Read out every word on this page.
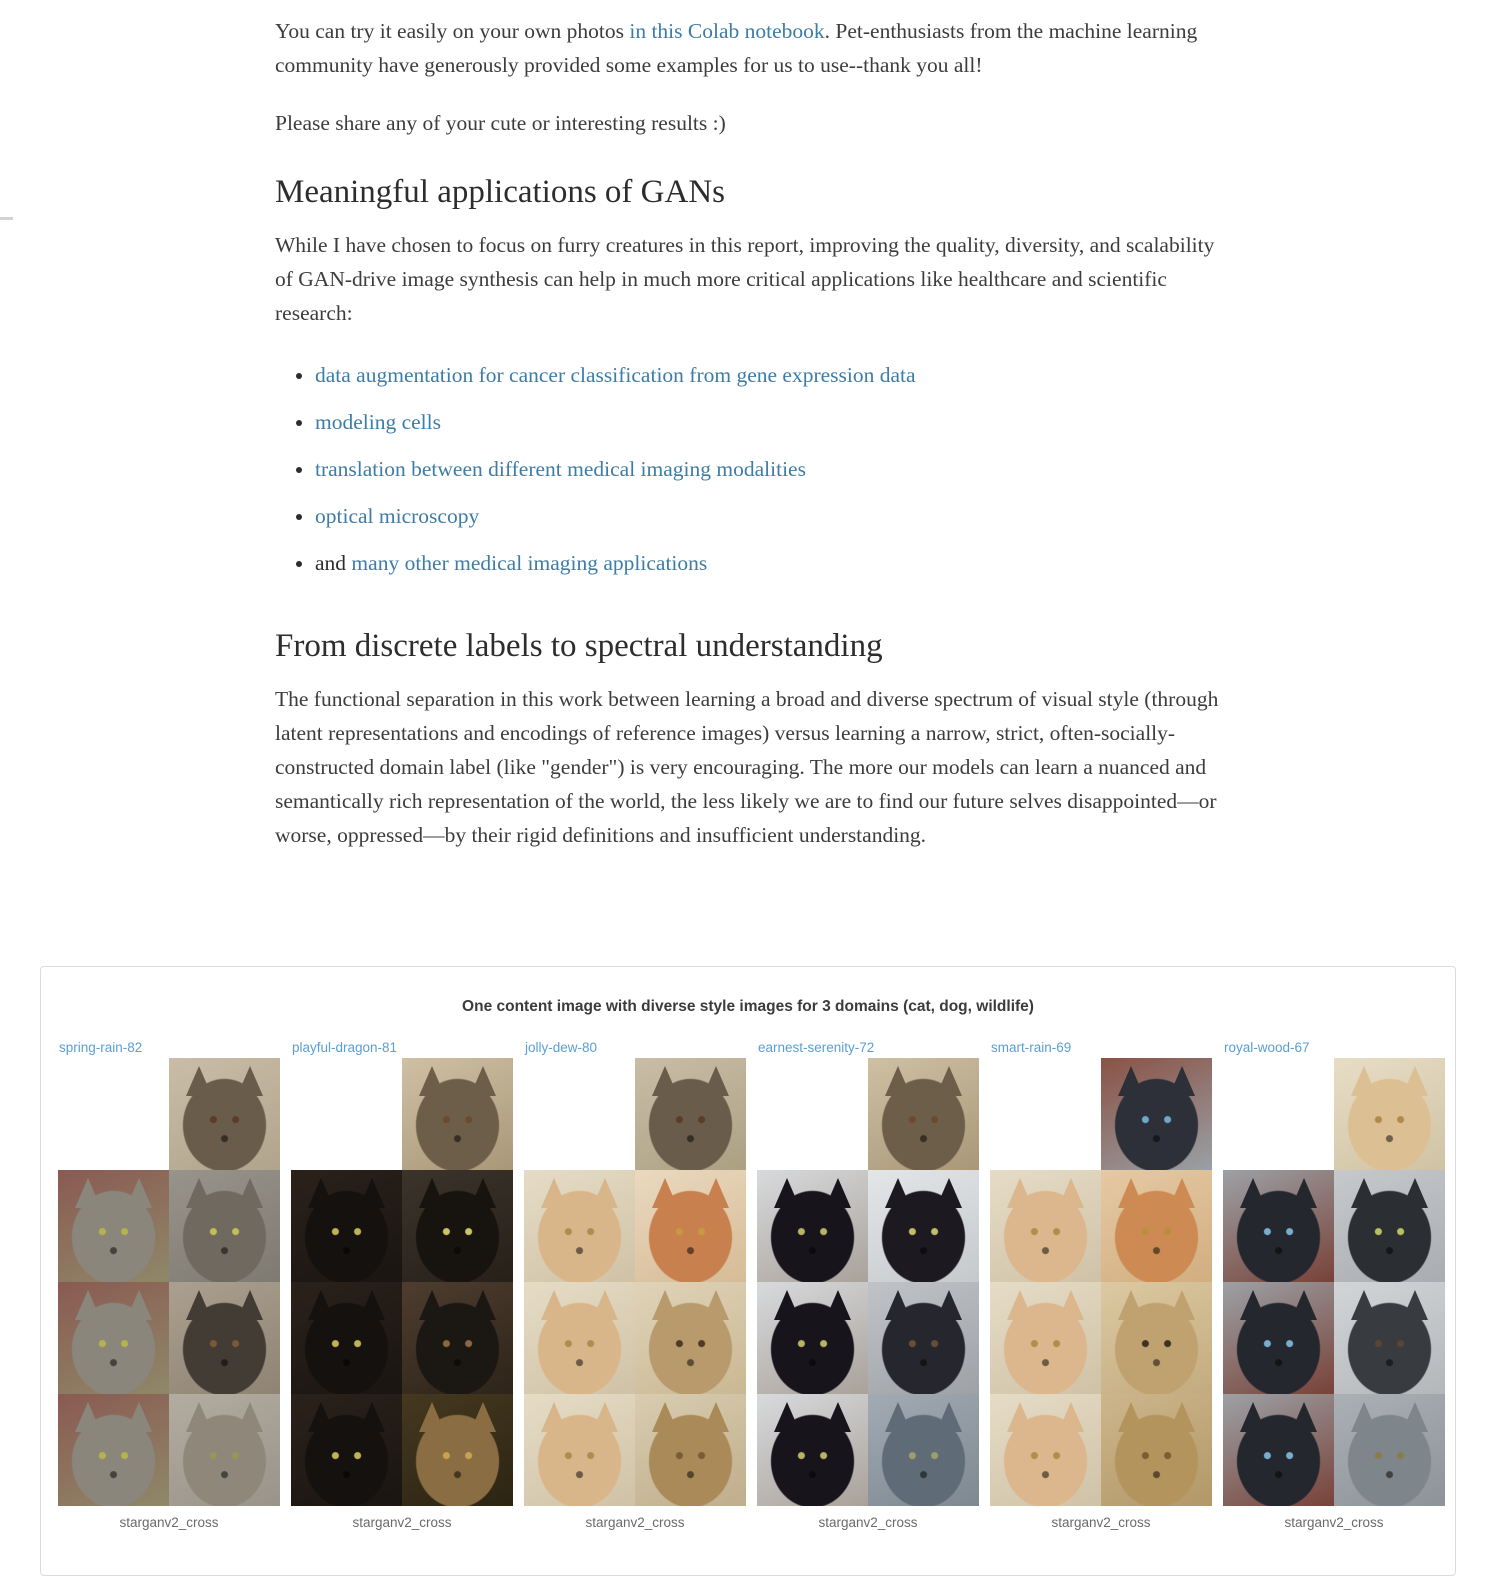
You can try it easily on your own photos in this Colab notebook. Pet-enthusiasts from the machine learning community have generously provided some examples for us to use--thank you all!

Please share any of your cute or interesting results :)

Meaningful applications of GANs

While I have chosen to focus on furry creatures in this report, improving the quality, diversity, and scalability of GAN-drive image synthesis can help in much more critical applications like healthcare and scientific research:

• data augmentation for cancer classification from gene expression data
• modeling cells
• translation between different medical imaging modalities
• optical microscopy
• and many other medical imaging applications
From discrete labels to spectral understanding

The functional separation in this work between learning a broad and diverse spectrum of visual style (through latent representations and encodings of reference images) versus learning a narrow, strict, often-socially-constructed domain label (like "gender") is very encouraging. The more our models can learn a nuanced and semantically rich representation of the world, the less likely we are to find our future selves disappointed—or worse, oppressed—by their rigid definitions and insufficient understanding.

One content image with diverse style images for 3 domains (cat, dog, wildlife)
spring-rain-82
starganv2_cross
playful-dragon-81
starganv2_cross
jolly-dew-80
starganv2_cross
earnest-serenity-72
starganv2_cross
smart-rain-69
starganv2_cross
royal-wood-67
starganv2_cross
